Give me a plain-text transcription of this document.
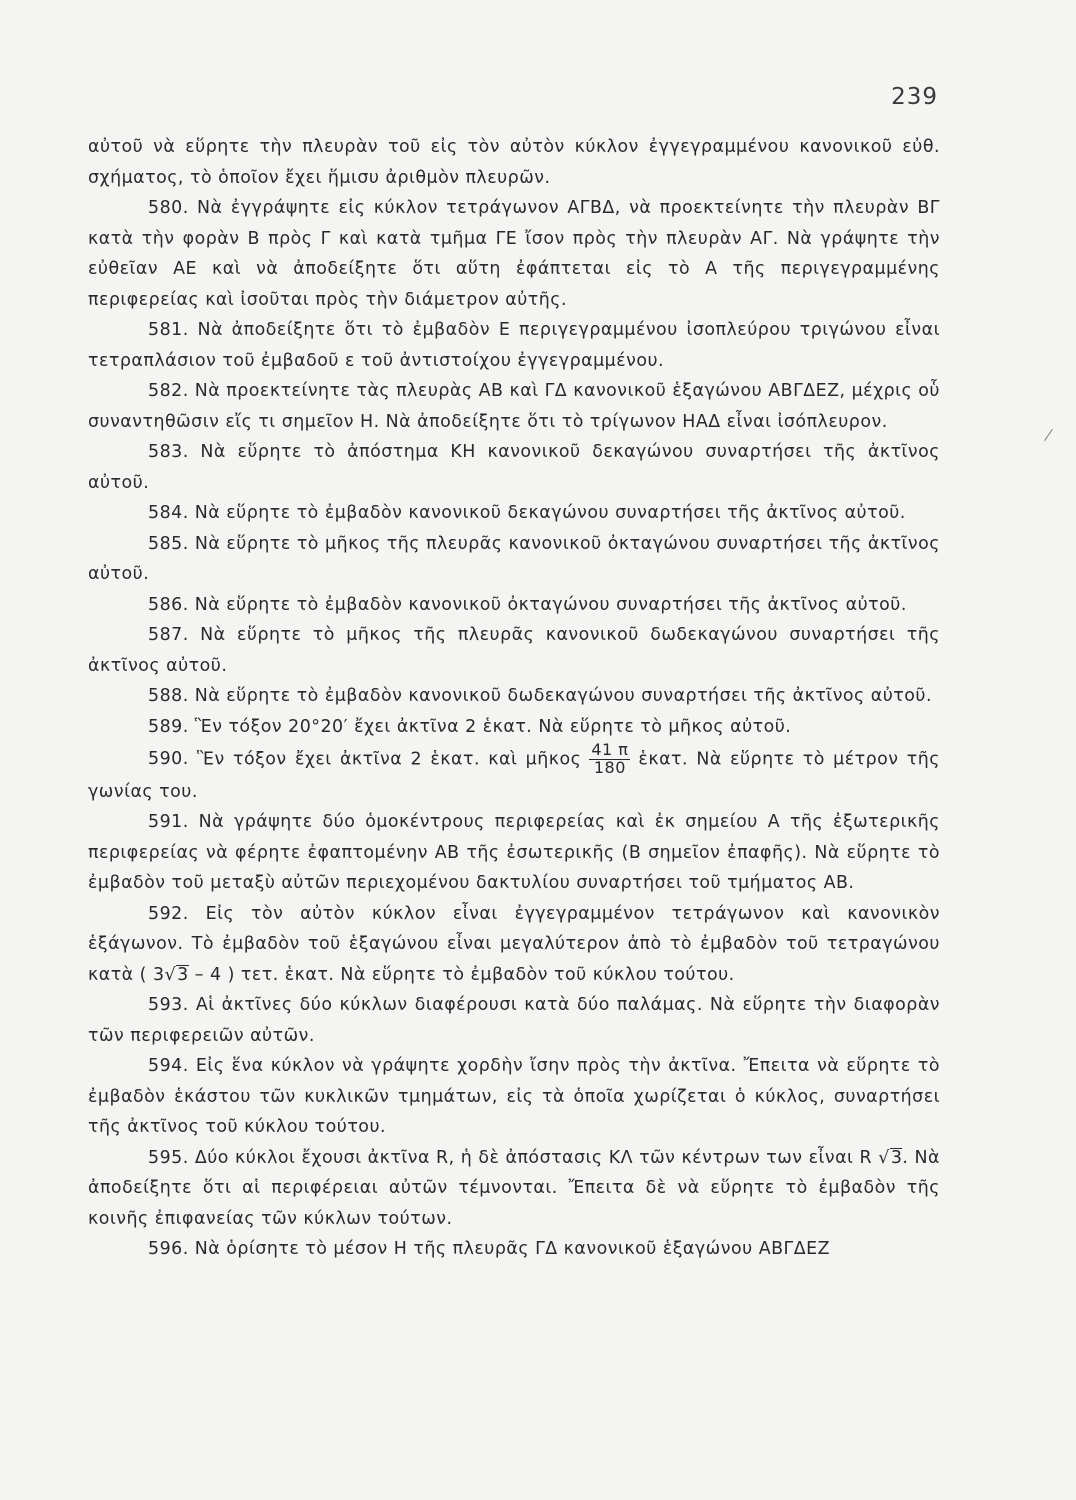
239

αὐτοῦ νὰ εὕρητε τὴν πλευρὰν τοῦ εἰς τὸν αὐτὸν κύκλον ἐγγεγραμμένου κανονικοῦ εὐθ. σχήματος, τὸ ὁποῖον ἔχει ἥμισυ ἀριθμὸν πλευρῶν.

580. Νὰ ἐγγράψητε εἰς κύκλον τετράγωνον ΑΓΒΔ, νὰ προεκτείνητε τὴν πλευρὰν ΒΓ κατὰ τὴν φορὰν Β πρὸς Γ καὶ κατὰ τμῆμα ΓΕ ἴσον πρὸς τὴν πλευρὰν ΑΓ. Νὰ γράψητε τὴν εὐθεῖαν ΑΕ καὶ νὰ ἀποδείξητε ὅτι αὕτη ἐφάπτεται εἰς τὸ Α τῆς περιγεγραμμένης περιφερείας καὶ ἰσοῦται πρὸς τὴν διάμετρον αὐτῆς.

581. Νὰ ἀποδείξητε ὅτι τὸ ἐμβαδὸν Ε περιγεγραμμένου ἰσοπλεύρου τριγώνου εἶναι τετραπλάσιον τοῦ ἐμβαδοῦ ε τοῦ ἀντιστοίχου ἐγγεγραμμένου.

582. Νὰ προεκτείνητε τὰς πλευρὰς ΑΒ καὶ ΓΔ κανονικοῦ ἑξαγώνου ΑΒΓΔΕΖ, μέχρις οὗ συναντηθῶσιν εἴς τι σημεῖον Η. Νὰ ἀποδείξητε ὅτι τὸ τρίγωνον ΗΑΔ εἶναι ἰσόπλευρον.

583. Νὰ εὕρητε τὸ ἀπόστημα ΚΗ κανονικοῦ δεκαγώνου συναρτήσει τῆς ἀκτῖνος αὐτοῦ.

584. Νὰ εὕρητε τὸ ἐμβαδὸν κανονικοῦ δεκαγώνου συναρτήσει τῆς ἀκτῖνος αὐτοῦ.

585. Νὰ εὕρητε τὸ μῆκος τῆς πλευρᾶς κανονικοῦ ὀκταγώνου συναρτήσει τῆς ἀκτῖνος αὐτοῦ.

586. Νὰ εὕρητε τὸ ἐμβαδὸν κανονικοῦ ὀκταγώνου συναρτήσει τῆς ἀκτῖνος αὐτοῦ.

587. Νὰ εὕρητε τὸ μῆκος τῆς πλευρᾶς κανονικοῦ δωδεκαγώνου συναρτήσει τῆς ἀκτῖνος αὐτοῦ.

588. Νὰ εὕρητε τὸ ἐμβαδὸν κανονικοῦ δωδεκαγώνου συναρτήσει τῆς ἀκτῖνος αὐτοῦ.

589. Ἓν τόξον 20°20′ ἔχει ἀκτῖνα 2 ἑκατ. Νὰ εὕρητε τὸ μῆκος αὐτοῦ.

590. Ἓν τόξον ἔχει ἀκτῖνα 2 ἑκατ. καὶ μῆκος $\frac{41 \pi}{180}$ ἑκατ. Νὰ εὕρητε τὸ μέτρον τῆς γωνίας του.

591. Νὰ γράψητε δύο ὁμοκέντρους περιφερείας καὶ ἐκ σημείου Α τῆς ἐξωτερικῆς περιφερείας νὰ φέρητε ἐφαπτομένην ΑΒ τῆς ἐσωτερικῆς (Β σημεῖον ἐπαφῆς). Νὰ εὕρητε τὸ ἐμβαδὸν τοῦ μεταξὺ αὐτῶν περιεχομένου δακτυλίου συναρτήσει τοῦ τμήματος ΑΒ.

592. Εἰς τὸν αὐτὸν κύκλον εἶναι ἐγγεγραμμένον τετράγωνον καὶ κανονικὸν ἑξάγωνον. Τὸ ἐμβαδὸν τοῦ ἑξαγώνου εἶναι μεγαλύτερον ἀπὸ τὸ ἐμβαδὸν τοῦ τετραγώνου κατὰ ( 3√3 – 4 ) τετ. ἑκατ. Νὰ εὕρητε τὸ ἐμβαδὸν τοῦ κύκλου τούτου.

593. Αἱ ἀκτῖνες δύο κύκλων διαφέρουσι κατὰ δύο παλάμας. Νὰ εὕρητε τὴν διαφορὰν τῶν περιφερειῶν αὐτῶν.

594. Εἰς ἕνα κύκλον νὰ γράψητε χορδὴν ἴσην πρὸς τὴν ἀκτῖνα. Ἔπειτα νὰ εὕρητε τὸ ἐμβαδὸν ἑκάστου τῶν κυκλικῶν τμημάτων, εἰς τὰ ὁποῖα χωρίζεται ὁ κύκλος, συναρτήσει τῆς ἀκτῖνος τοῦ κύκλου τούτου.

595. Δύο κύκλοι ἔχουσι ἀκτῖνα R, ἡ δὲ ἀπόστασις ΚΛ τῶν κέντρων των εἶναι R √3. Νὰ ἀποδείξητε ὅτι αἱ περιφέρειαι αὐτῶν τέμνονται. Ἔπειτα δὲ νὰ εὕρητε τὸ ἐμβαδὸν τῆς κοινῆς ἐπιφανείας τῶν κύκλων τούτων.

596. Νὰ ὁρίσητε τὸ μέσον Η τῆς πλευρᾶς ΓΔ κανονικοῦ ἑξαγώνου ΑΒΓΔΕΖ
